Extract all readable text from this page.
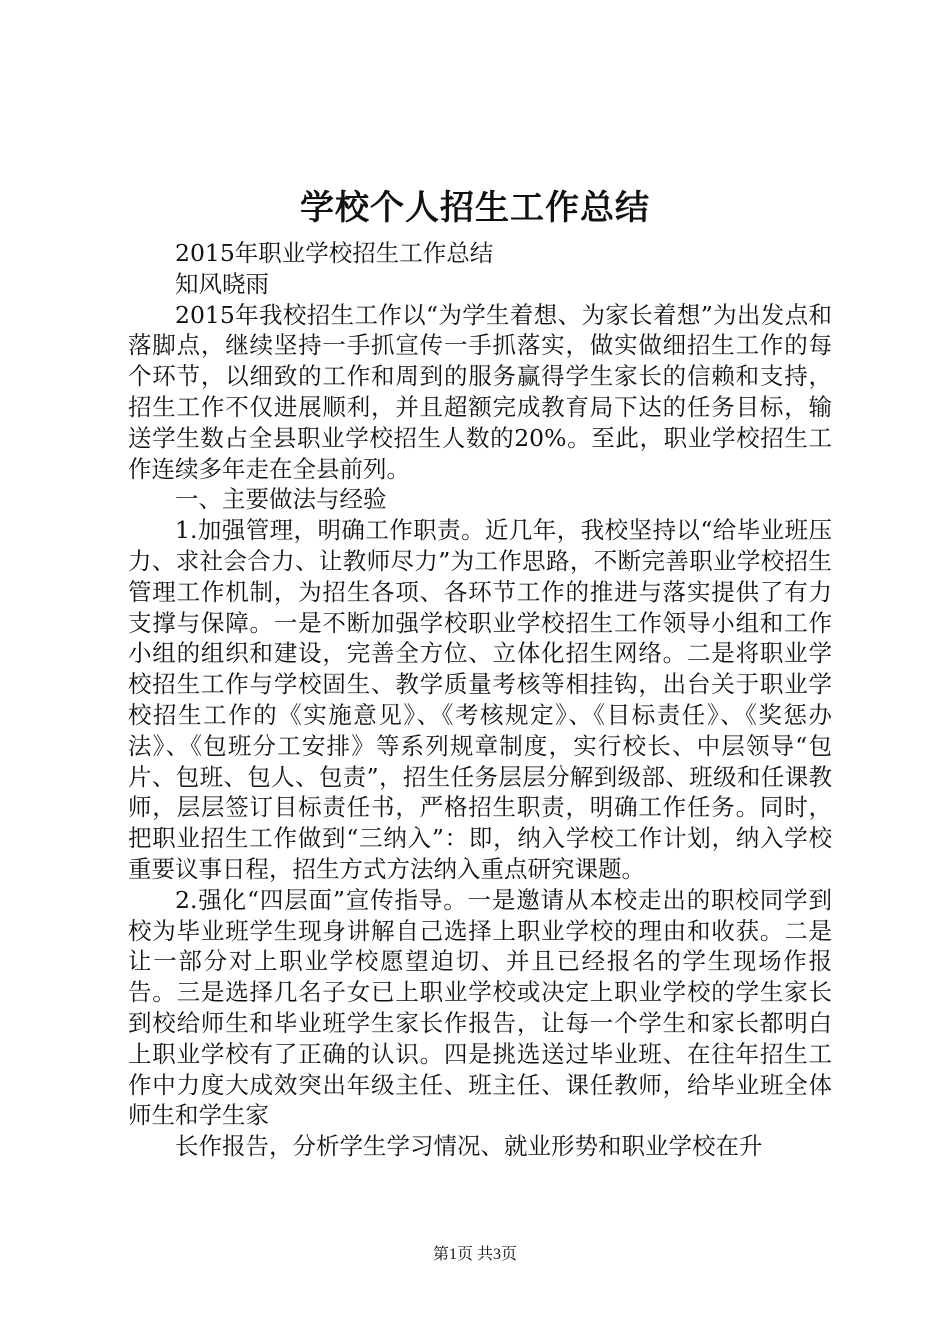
学校个人招生工作总结

2015年职业学校招生工作总结

知风晓雨

2015年我校招生工作以“为学生着想、为家长着想”为出发点和落脚点，继续坚持一手抓宣传一手抓落实，做实做细招生工作的每个环节，以细致的工作和周到的服务赢得学生家长的信赖和支持，招生工作不仅进展顺利，并且超额完成教育局下达的任务目标，输送学生数占全县职业学校招生人数的20%。至此，职业学校招生工作连续多年走在全县前列。

一、主要做法与经验

1.加强管理，明确工作职责。近几年，我校坚持以“给毕业班压力、求社会合力、让教师尽力”为工作思路，不断完善职业学校招生管理工作机制，为招生各项、各环节工作的推进与落实提供了有力支撑与保障。一是不断加强学校职业学校招生工作领导小组和工作小组的组织和建设，完善全方位、立体化招生网络。二是将职业学校招生工作与学校固生、教学质量考核等相挂钩，出台关于职业学校招生工作的《实施意见》、《考核规定》、《目标责任》、《奖惩办法》、《包班分工安排》等系列规章制度，实行校长、中层领导“包片、包班、包人、包责”，招生任务层层分解到级部、班级和任课教师，层层签订目标责任书，严格招生职责，明确工作任务。同时，把职业招生工作做到“三纳入”：即，纳入学校工作计划，纳入学校重要议事日程，招生方式方法纳入重点研究课题。

2.强化“四层面”宣传指导。一是邀请从本校走出的职校同学到校为毕业班学生现身讲解自己选择上职业学校的理由和收获。二是让一部分对上职业学校愿望迫切、并且已经报名的学生现场作报告。三是选择几名子女已上职业学校或决定上职业学校的学生家长到校给师生和毕业班学生家长作报告，让每一个学生和家长都明白上职业学校有了正确的认识。四是挑选送过毕业班、在往年招生工作中力度大成效突出年级主任、班主任、课任教师，给毕业班全体师生和学生家

长作报告，分析学生学习情况、就业形势和职业学校在升

第1页 共3页
